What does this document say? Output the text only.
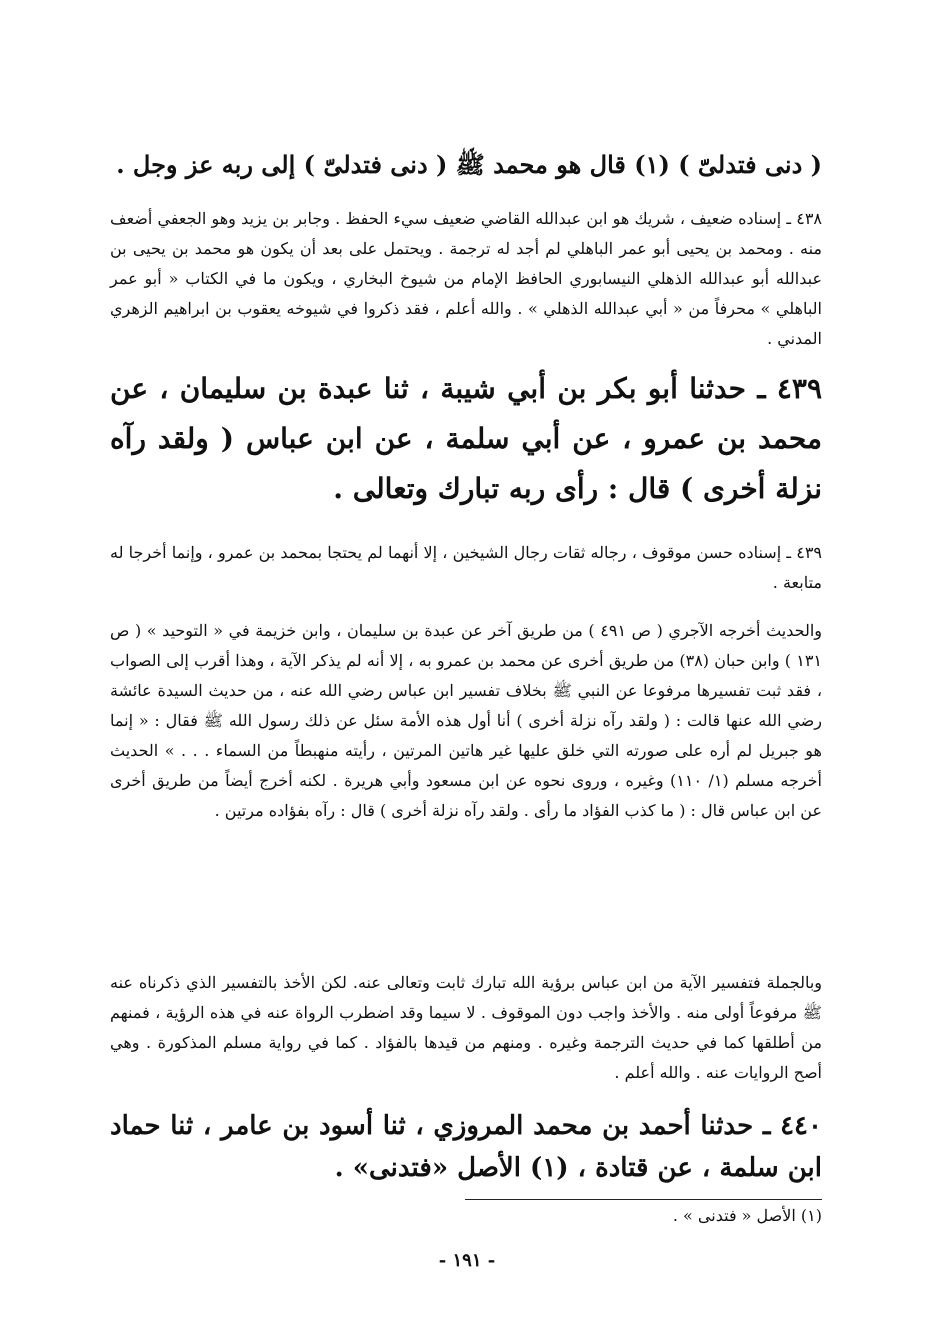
( دنى فتدلىّ ) (١) قال هو محمد ﷺ ( دنى فتدلىّ ) إلى ربه عز وجل .
٤٣٨ ـ إسناده ضعيف ، شريك هو ابن عبدالله القاضي ضعيف سيء الحفظ . وجابر بن يزيد وهو الجعفي أضعف منه . ومحمد بن يحيى أبو عمر الباهلي لم أجد له ترجمة . ويحتمل على بعد أن يكون هو محمد بن يحيى بن عبدالله أبو عبدالله الذهلي النيسابوري الحافظ الإمام من شيوخ البخاري ، ويكون ما في الكتاب « أبو عمر الباهلي » محرفاً من « أبي عبدالله الذهلي » . والله أعلم ، فقد ذكروا في شيوخه يعقوب بن ابراهيم الزهري المدني .
٤٣٩ ـ حدثنا أبو بكر بن أبي شيبة ، ثنا عبدة بن سليمان ، عن محمد بن عمرو ، عن أبي سلمة ، عن ابن عباس ( ولقد رآه نزلة أخرى ) قال : رأى ربه تبارك وتعالى .
٤٣٩ ـ إسناده حسن موقوف ، رجاله ثقات رجال الشيخين ، إلا أنهما لم يحتجا بمحمد بن عمرو ، وإنما أخرجا له متابعة .
والحديث أخرجه الآجري ( ص ٤٩١ ) من طريق آخر عن عبدة بن سليمان ، وابن خزيمة في « التوحيد » ( ص ١٣١ ) وابن حبان (٣٨) من طريق أخرى عن محمد بن عمرو به ، إلا أنه لم يذكر الآية ، وهذا أقرب إلى الصواب ، فقد ثبت تفسيرها مرفوعا عن النبي ﷺ بخلاف تفسير ابن عباس رضي الله عنه ، من حديث السيدة عائشة رضي الله عنها قالت : ( ولقد رآه نزلة أخرى ) أنا أول هذه الأمة سئل عن ذلك رسول الله ﷺ فقال : « إنما هو جبريل لم أره على صورته التي خلق عليها غير هاتين المرتين ، رأيته منهبطاً من السماء . . . » الحديث أخرجه مسلم (١/ ١١٠) وغيره ، وروى نحوه عن ابن مسعود وأبي هريرة . لكنه أخرج أيضاً من طريق أخرى عن ابن عباس قال : ( ما كذب الفؤاد ما رأى . ولقد رآه نزلة أخرى ) قال : رآه بفؤاده مرتين .
وبالجملة فتفسير الآية من ابن عباس برؤية الله تبارك ثابت وتعالى عنه. لكن الأخذ بالتفسير الذي ذكرناه عنه ﷺ مرفوعاً أولى منه . والأخذ واجب دون الموقوف . لا سيما وقد اضطرب الرواة عنه في هذه الرؤية ، فمنهم من أطلقها كما في حديث الترجمة وغيره . ومنهم من قيدها بالفؤاد . كما في رواية مسلم المذكورة . وهي أصح الروايات عنه . والله أعلم .
٤٤٠ ـ حدثنا أحمد بن محمد المروزي ، ثنا أسود بن عامر ، ثنا حماد ابن سلمة ، عن قتادة ، (١) الأصل «فتدنى» .
(١) الأصل « فتدنى » .
- ١٩١ -
